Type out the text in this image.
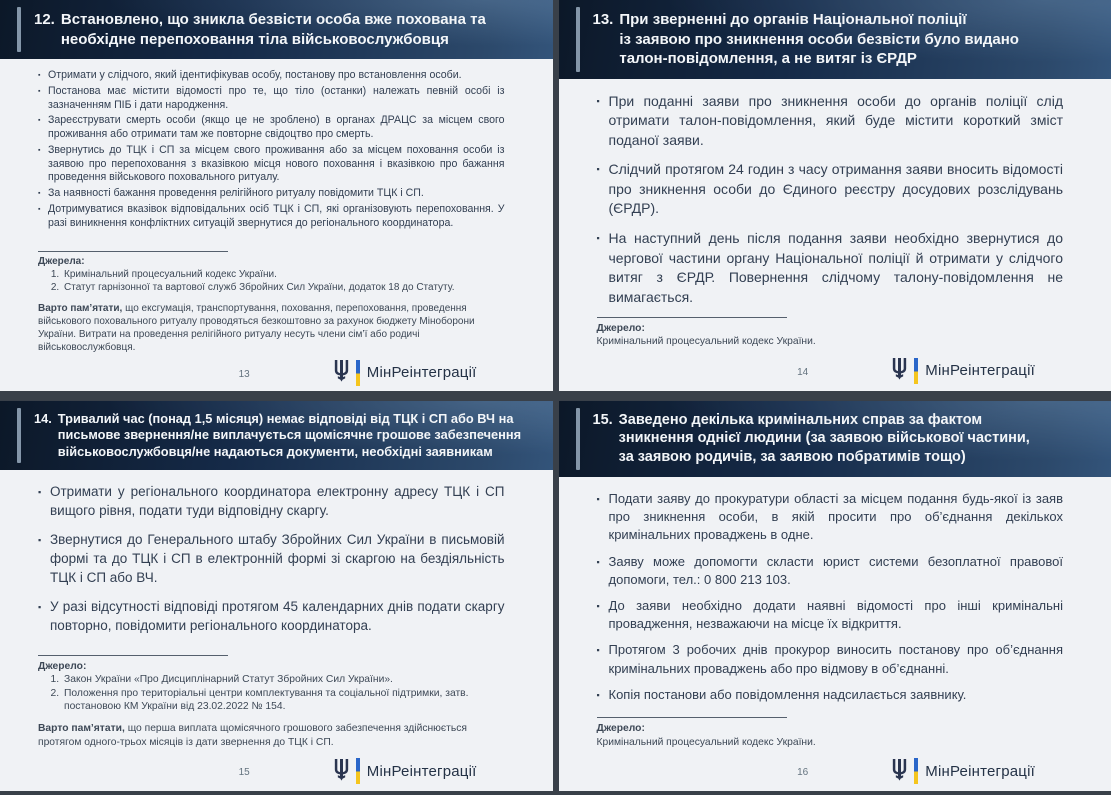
12. Встановлено, що зникла безвісти особа вже похована та
необхідне перепоховання тіла військовослужбовця
▪ Отримати у слідчого, який ідентифікував особу, постанову про встановлення особи.
▪ Постанова має містити відомості про те, що тіло (останки) належать певній особі із зазначенням ПІБ і дати народження.
▪ Зареєструвати смерть особи (якщо це не зроблено) в органах ДРАЦС за місцем свого проживання або отримати там же повторне свідоцтво про смерть.
▪ Звернутись до ТЦК і СП за місцем свого проживання або за місцем поховання особи із заявою про перепоховання з вказівкою місця нового поховання і вказівкою про бажання проведення військового поховального ритуалу.
▪ За наявності бажання проведення релігійного ритуалу повідомити ТЦК і СП.
▪ Дотримуватися вказівок відповідальних осіб ТЦК і СП, які організовують перепоховання. У разі виникнення конфліктних ситуацій звернутися до регіонального координатора.
Джерела:
1. Кримінальний процесуальний кодекс України.
2. Статут гарнізонної та вартової служб Збройних Сил України, додаток 18 до Статуту.

Варто пам’ятати, що ексгумація, транспортування, поховання, перепоховання, проведення військового поховального ритуалу проводяться безкоштовно за рахунок бюджету Міноборони України. Витрати на проведення релігійного ритуалу несуть члени сім’ї або родичі військовослужбовця.

13	МінРеінтеграції
13. При зверненні до органів Національної поліції
із заявою про зникнення особи безвісти було видано
талон-повідомлення, а не витяг із ЄРДР
▪ При поданні заяви про зникнення особи до органів поліції слід отримати талон-повідомлення, який буде містити короткий зміст поданої заяви.
▪ Слідчий протягом 24 годин з часу отримання заяви вносить відомості про зникнення особи до Єдиного реєстру досудових розслідувань (ЄРДР).
▪ На наступний день після подання заяви необхідно звернутися до чергової частини органу Національної поліції й отримати у слідчого витяг з ЄРДР. Повернення слідчому талону-повідомлення не вимагається.
Джерело:
Кримінальний процесуальний кодекс України.
14	МінРеінтеграції
14. Тривалий час (понад 1,5 місяця) немає відповіді від ТЦК і СП або ВЧ на
письмове звернення/не виплачується щомісячне грошове забезпечення
військовослужбовця/не надаються документи, необхідні заявникам
▪ Отримати у регіонального координатора електронну адресу ТЦК і СП вищого рівня, подати туди відповідну скаргу.
▪ Звернутися до Генерального штабу Збройних Сил України в письмовій формі та до ТЦК і СП в електронній формі зі скаргою на бездіяльність ТЦК і СП або ВЧ.
▪ У разі відсутності відповіді протягом 45 календарних днів подати скаргу повторно, повідомити регіонального координатора.
Джерело:
1. Закон України «Про Дисциплінарний Статут Збройних Сил України».
2. Положення про територіальні центри комплектування та соціальної підтримки, затв. постановою КМ України від 23.02.2022 № 154.

Варто пам’ятати, що перша виплата щомісячного грошового забезпечення здійснюється протягом одного-трьох місяців із дати звернення до ТЦК і СП.

15	МінРеінтеграції
15. Заведено декілька кримінальних справ за фактом
зникнення однієї людини (за заявою військової частини,
за заявою родичів, за заявою побратимів тощо)
▪ Подати заяву до прокуратури області за місцем подання будь-якої із заяв про зникнення особи, в якій просити про об’єднання декількох кримінальних проваджень в одне.
▪ Заяву може допомогти скласти юрист системи безоплатної правової допомоги, тел.: 0 800 213 103.
▪ До заяви необхідно додати наявні відомості про інші кримінальні провадження, незважаючи на місце їх відкриття.
▪ Протягом 3 робочих днів прокурор виносить постанову про об’єднання кримінальних проваджень або про відмову в об’єднанні.
▪ Копія постанови або повідомлення надсилається заявнику.
Джерело:
Кримінальний процесуальний кодекс України.
16	МінРеінтеграції
